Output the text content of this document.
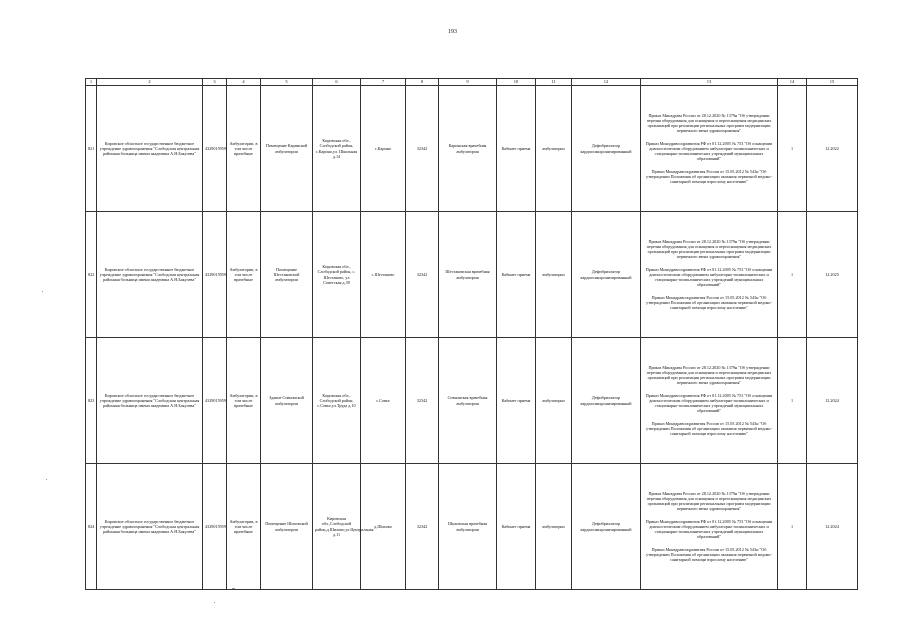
193
1	2	3	4	5	6	7	8	9	10	11	12	13	14	15
821	Кировское областное государственное бюджетное учреждение здравоохранения "Слободская центральная районная больница имени академика А.Н.Бакулева"	4329015959	Амбулатории, в том числе врачебные	Помещение Каринской амбулатории	Кировская обл., Слободской район, с.Карино,ул. Школьная д.14	с.Карино	32342	Каринская врачебная амбулатория	Кабинет приема	амбулаторно	Дефибриллятор кардиосинхронизированный	Приказ Минздрава России от 28.12.2020 № 1379н "Об утверждении перечня оборудования для оснащения и переоснащения медицинских организаций при реализации региональных программ модернизации первичного звена здравоохранения"
Приказ Минздравсоцразвития РФ от 01.12.2005 № 753 "Об оснащении диагностическим оборудованием амбулаторно-поликлинических и стационарно-поликлинических учреждений муниципальных образований"
Приказ Минздравсоцразвития России от 15.05.2012 № 543н "Об утверждении Положения об организации оказания первичной медико-санитарной помощи взрослому населению"	1	12.2022
822	Кировское областное государственное бюджетное учреждение здравоохранения "Слободская центральная районная больница имени академика А.Н.Бакулева"	4329015959	Амбулатории, в том числе врачебные	Помещение Шестаковской амбулатории	Кировская обл., Слободской район, с. Шестаково, ул Советская д.39	с.Шестаково	32342	Шестаковская врачебная амбулатория	Кабинет приема	амбулаторно	Дефибриллятор кардиосинхронизированный	Приказ Минздрава России от 28.12.2020 № 1379н "Об утверждении перечня оборудования для оснащения и переоснащения медицинских организаций при реализации региональных программ модернизации первичного звена здравоохранения"
Приказ Минздравсоцразвития РФ от 01.12.2005 № 753 "Об оснащении диагностическим оборудованием амбулаторно-поликлинических и стационарно-поликлинических учреждений муниципальных образований"
Приказ Минздравсоцразвития России от 15.05.2012 № 543н "Об утверждении Положения об организации оказания первичной медико-санитарной помощи взрослому населению"	1	12.2025
823	Кировское областное государственное бюджетное учреждение здравоохранения "Слободская центральная районная больница имени академика А.Н.Бакулева"	4329015959	Амбулатории, в том числе врачебные	Здание Совьинской амбулатории	Кировская обл., Слободской район, с.Совье,ул.Труда д.10	с.Совье	32342	Совьинская врачебная амбулатория	Кабинет приема	амбулаторно	Дефибриллятор кардиосинхронизированный	Приказ Минздрава России от 28.12.2020 № 1379н "Об утверждении перечня оборудования для оснащения и переоснащения медицинских организаций при реализации региональных программ модернизации первичного звена здравоохранения"
Приказ Минздравсоцразвития РФ от 01.12.2005 № 753 "Об оснащении диагностическим оборудованием амбулаторно-поликлинических и стационарно-поликлинических учреждений муниципальных образований"
Приказ Минздравсоцразвития России от 15.05.2012 № 543н "Об утверждении Положения об организации оказания первичной медико-санитарной помощи взрослому населению"	1	12.2024
824	Кировское областное государственное бюджетное учреждение здравоохранения "Слободская центральная районная больница имени академика А.Н.Бакулева"	4329015959	Амбулатории, в том числе врачебные	Помещение Шиховской амбулатории	Кировская обл.,Слободской район,д.Шихово,ул.Центральная д.11	д.Шихово	32342	Шиховская врачебная амбулатория	Кабинет приема	амбулаторно	Дефибриллятор кардиосинхронизированный	Приказ Минздрава России от 28.12.2020 № 1379н "Об утверждении перечня оборудования для оснащения и переоснащения медицинских организаций при реализации региональных программ модернизации первичного звена здравоохранения"
Приказ Минздравсоцразвития РФ от 01.12.2005 № 753 "Об оснащении диагностическим оборудованием амбулаторно-поликлинических и стационарно-поликлинических учреждений муниципальных образований"
Приказ Минздравсоцразвития России от 15.05.2012 № 543н "Об утверждении Положения об организации оказания первичной медико-санитарной помощи взрослому населению"	1	12.2024
